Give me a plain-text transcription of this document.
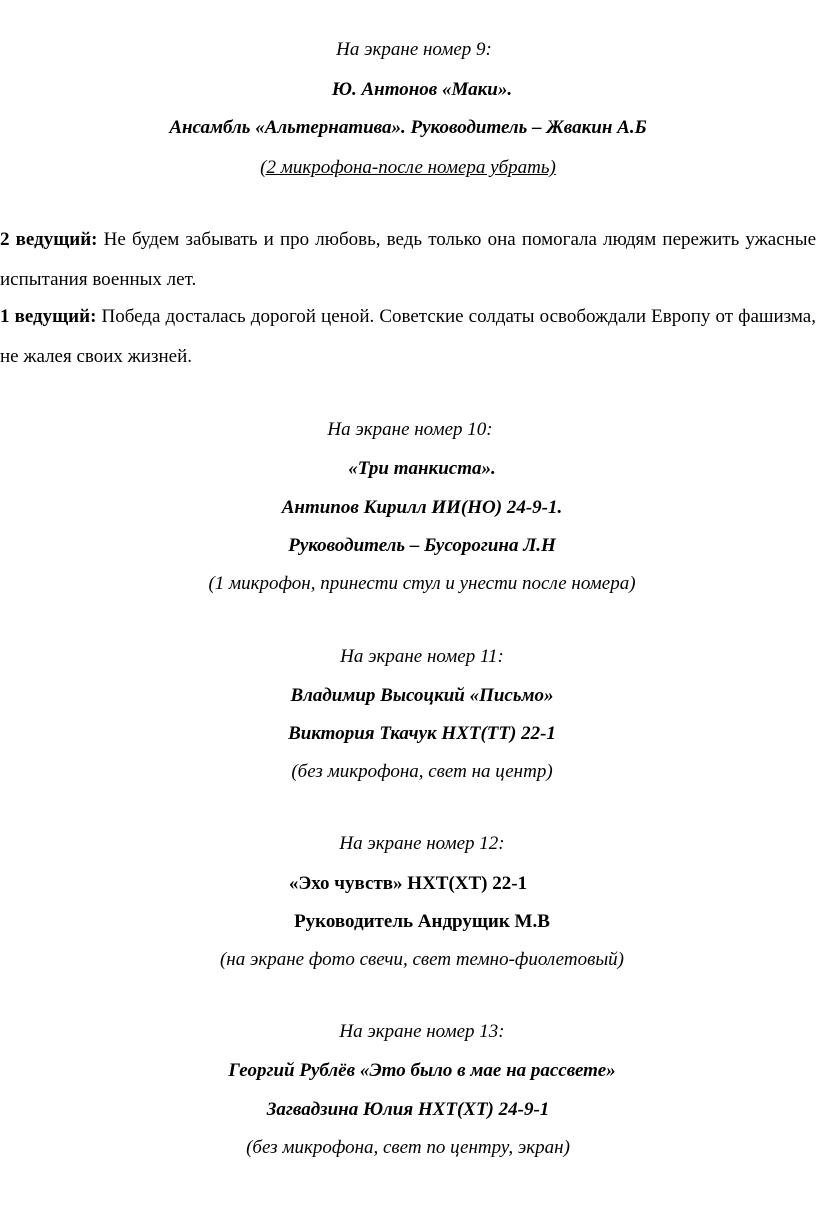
На экране номер 9:
Ю. Антонов «Маки».
Ансамбль «Альтернатива». Руководитель – Жвакин А.Б
(2 микрофона-после номера убрать)
2 ведущий: Не будем забывать и про любовь, ведь только она помогала людям пережить ужасные испытания военных лет.
1 ведущий: Победа досталась дорогой ценой. Советские солдаты освобождали Европу от фашизма, не жалея своих жизней.
На экране номер 10:
«Три танкиста».
Антипов Кирилл ИИ(НО) 24-9-1.
Руководитель – Бусорогина Л.Н
(1 микрофон, принести стул и унести после номера)
На экране номер 11:
Владимир Высоцкий «Письмо»
Виктория Ткачук НХТ(ТТ) 22-1
(без микрофона, свет на центр)
На экране номер 12:
«Эхо чувств» НХТ(ХТ) 22-1
Руководитель Андрущик М.В
(на экране фото свечи, свет темно-фиолетовый)
На экране номер 13:
Георгий Рублёв «Это было в мае на рассвете»
Загвадзина Юлия НХТ(ХТ) 24-9-1
(без микрофона, свет по центру, экран)
